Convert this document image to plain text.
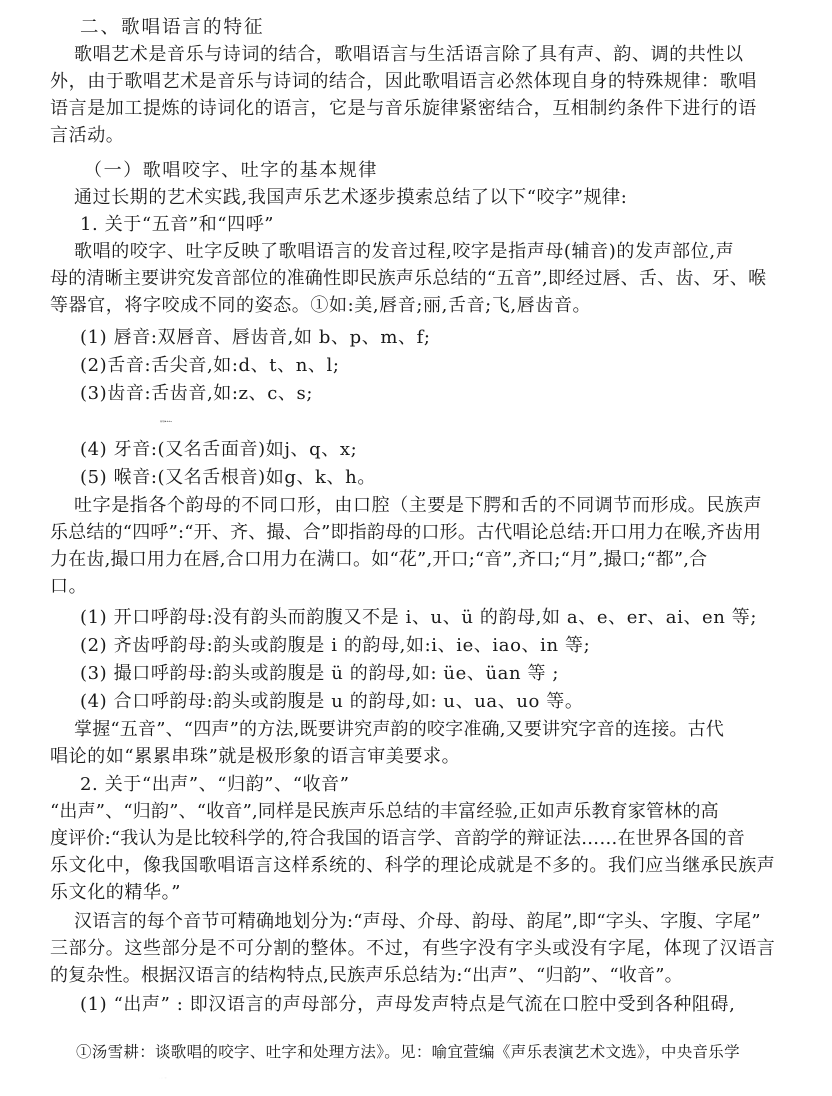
二、歌唱语言的特征
歌唱艺术是音乐与诗词的结合，歌唱语言与生活语言除了具有声、韵、调的共性以
外，由于歌唱艺术是音乐与诗词的结合，因此歌唱语言必然体现自身的特殊规律：歌唱
语言是加工提炼的诗词化的语言，它是与音乐旋律紧密结合，互相制约条件下进行的语
言活动。
（一）歌唱咬字、吐字的基本规律
通过长期的艺术实践,我国声乐艺术逐步摸索总结了以下“咬字”规律:
1. 关于“五音”和“四呼”
歌唱的咬字、吐字反映了歌唱语言的发音过程,咬字是指声母(辅音)的发声部位,声
母的清晰主要讲究发音部位的准确性即民族声乐总结的“五音”,即经过唇、舌、齿、牙、喉
等器官，将字咬成不同的姿态。①如:美,唇音;丽,舌音;飞,唇齿音。
(1) 唇音:双唇音、唇齿音,如 b、p、m、f;
(2)舌音:舌尖音,如:d、t、n、l;
(3)齿音:舌齿音,如:z、c、s;
翘舌音,如:zh、ch、sh、r;
(4) 牙音:(又名舌面音)如j、q、x;
(5) 喉音:(又名舌根音)如g、k、h。
吐字是指各个韵母的不同口形，由口腔（主要是下腭和舌的不同调节而形成。民族声
乐总结的“四呼”:“开、齐、撮、合”即指韵母的口形。古代唱论总结:开口用力在喉,齐齿用
力在齿,撮口用力在唇,合口用力在满口。如“花”,开口;“音”,齐口;“月”,撮口;“都”,合
口。
(1) 开口呼韵母:没有韵头而韵腹又不是 i、u、ü 的韵母,如 a、e、er、ai、en 等;
(2) 齐齿呼韵母:韵头或韵腹是 i 的韵母,如:i、ie、iao、in 等;
(3) 撮口呼韵母:韵头或韵腹是 ü 的韵母,如: üe、üan 等 ;
(4) 合口呼韵母:韵头或韵腹是 u 的韵母,如: u、ua、uo 等。
掌握“五音”、“四声”的方法,既要讲究声韵的咬字准确,又要讲究字音的连接。古代
唱论的如“累累串珠”就是极形象的语言审美要求。
2. 关于“出声”、“归韵”、“收音”
“出声”、“归韵”、“收音”,同样是民族声乐总结的丰富经验,正如声乐教育家管林的高
度评价:“我认为是比较科学的,符合我国的语言学、音韵学的辩证法……在世界各国的音
乐文化中，像我国歌唱语言这样系统的、科学的理论成就是不多的。我们应当继承民族声
乐文化的精华。”
汉语言的每个音节可精确地划分为:“声母、介母、韵母、韵尾”,即“字头、字腹、字尾”
三部分。这些部分是不可分割的整体。不过，有些字没有字头或没有字尾，体现了汉语言
的复杂性。根据汉语言的结构特点,民族声乐总结为:“出声”、“归韵”、“收音”。
(1) “出声” : 即汉语言的声母部分，声母发声特点是气流在口腔中受到各种阻碍,
①汤雪耕：谈歌唱的咬字、吐字和处理方法》。见：喻宜萱编《声乐表演艺术文选》，中央音乐学
